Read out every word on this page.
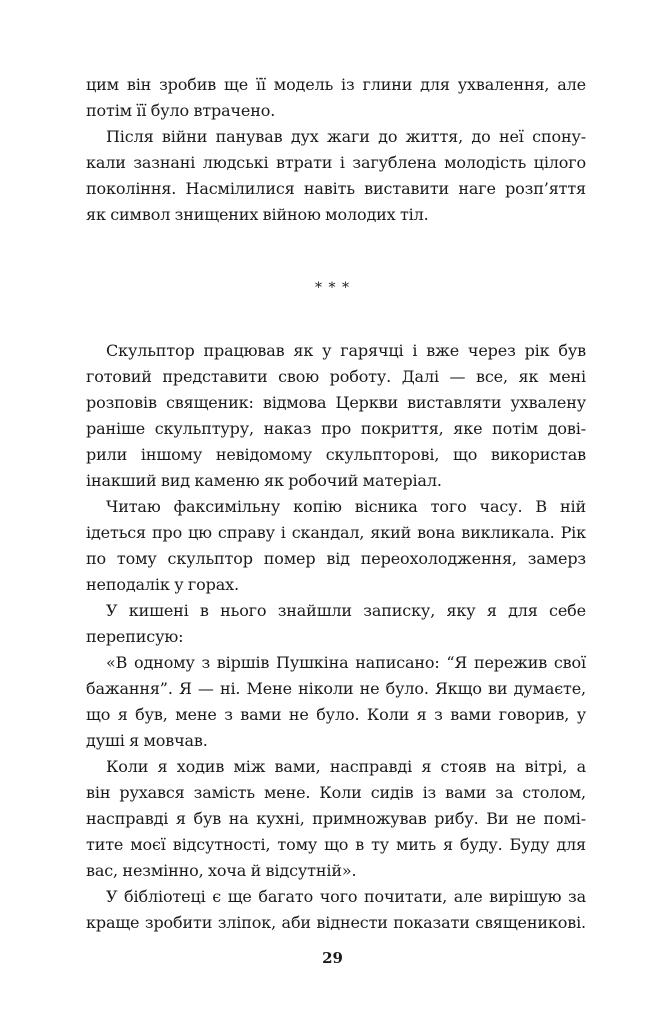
цим він зробив ще її модель із глини для ухвалення, але
потім її було втрачено.
Після війни панував дух жаги до життя, до неї спону-
кали зазнані людські втрати і загублена молодість цілого
покоління. Насмілилися навіть виставити наге розп’яття
як символ знищених війною молодих тіл.
* * *
Скульптор працював як у гарячці і вже через рік був
готовий представити свою роботу. Далі — все, як мені
розповів священик: відмова Церкви виставляти ухвалену
раніше скульптуру, наказ про покриття, яке потім дові-
рили іншому невідомому скульпторові, що використав
інакший вид каменю як робочий матеріал.
Читаю факсимільну копію вісника того часу. В ній
ідеться про цю справу і скандал, який вона викликала. Рік
по тому скульптор помер від переохолодження, замерз
неподалік у горах.
У кишені в нього знайшли записку, яку я для себе
переписую:
«В одному з віршів Пушкіна написано: “Я пережив свої
бажання”. Я — ні. Мене ніколи не було. Якщо ви думаєте,
що я був, мене з вами не було. Коли я з вами говорив, у
душі я мовчав.
Коли я ходив між вами, насправді я стояв на вітрі, а
він рухався замість мене. Коли сидів із вами за столом,
насправді я був на кухні, примножував рибу. Ви не помі-
тите моєї відсутності, тому що в ту мить я буду. Буду для
вас, незмінно, хоча й відсутній».
У бібліотеці є ще багато чого почитати, але вирішую за
краще зробити зліпок, аби віднести показати священикові.
29
